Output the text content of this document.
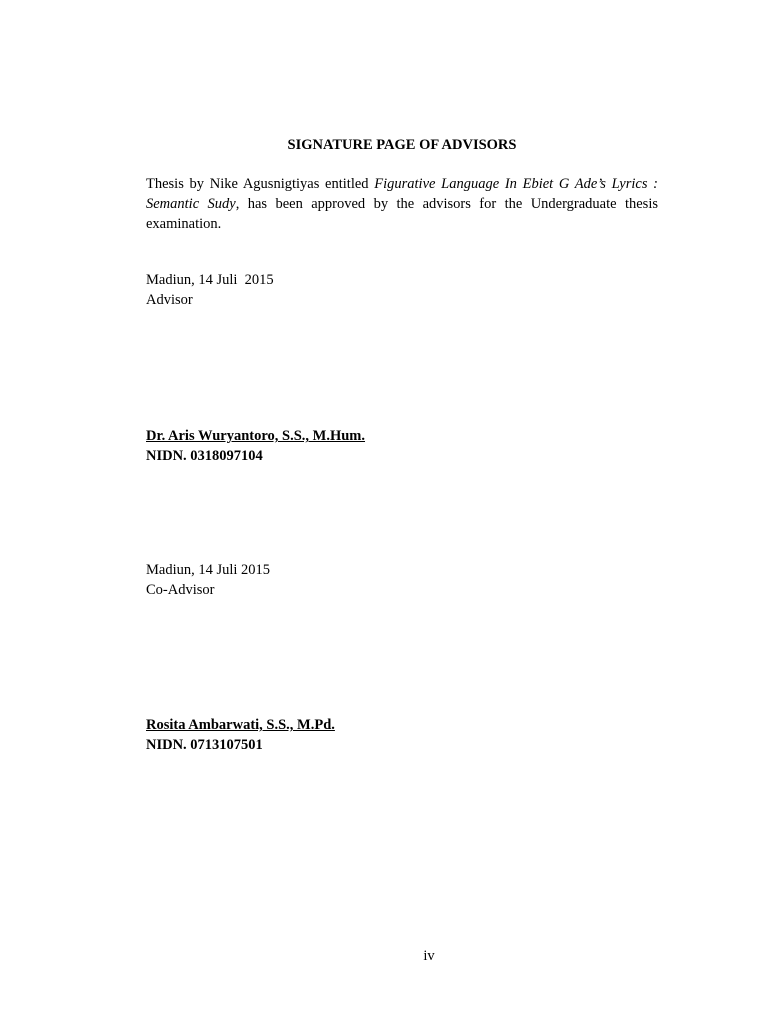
SIGNATURE PAGE OF ADVISORS

Thesis by Nike Agusnigtiyas entitled Figurative Language In Ebiet G Ade’s Lyrics : Semantic Sudy, has been approved by the advisors for the Undergraduate thesis examination.

Madiun, 14 Juli  2015
Advisor
Dr. Aris Wuryantoro, S.S., M.Hum.
NIDN. 0318097104
Madiun, 14 Juli 2015
Co-Advisor
Rosita Ambarwati, S.S., M.Pd.
NIDN. 0713107501
iv
